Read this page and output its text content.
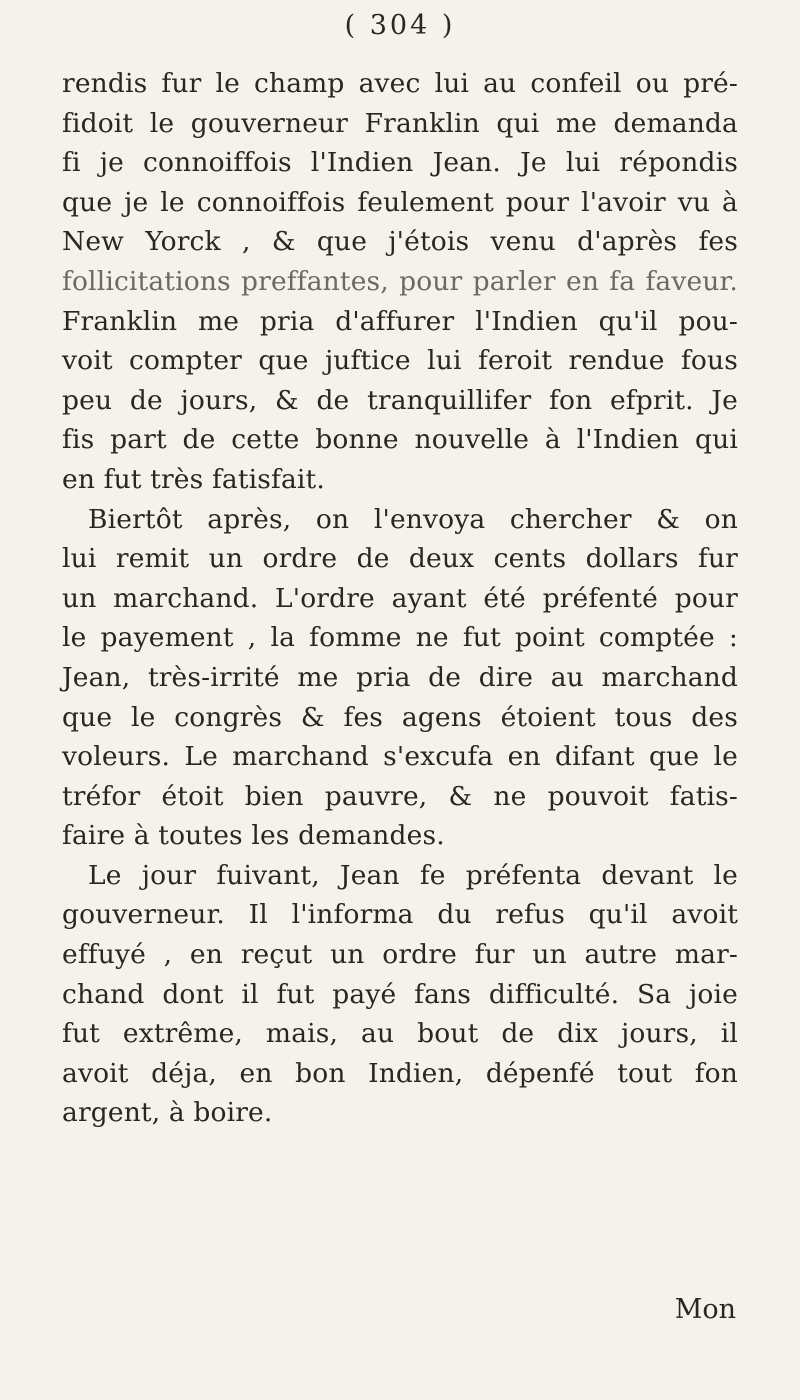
( 304 )
rendis fur le champ avec lui au confeil ou pré-
fidoit le gouverneur Franklin qui me demanda
fi je connoiffois l'Indien Jean. Je lui répondis
que je le connoiffois feulement pour l'avoir vu à
New Yorck , & que j'étois venu d'après fes
follicitations preffantes, pour parler en fa faveur.
Franklin me pria d'affurer l'Indien qu'il pou-
voit compter que juftice lui feroit rendue fous
peu de jours, & de tranquillifer fon efprit. Je
fis part de cette bonne nouvelle à l'Indien qui
en fut très fatisfait.
Biertôt après, on l'envoya chercher & on
lui remit un ordre de deux cents dollars fur
un marchand. L'ordre ayant été préfenté pour
le payement , la fomme ne fut point comptée :
Jean, très-irrité me pria de dire au marchand
que le congrès & fes agens étoient tous des
voleurs. Le marchand s'excufa en difant que le
tréfor étoit bien pauvre, & ne pouvoit fatis-
faire à toutes les demandes.
Le jour fuivant, Jean fe préfenta devant le
gouverneur. Il l'informa du refus qu'il avoit
effuyé , en reçut un ordre fur un autre mar-
chand dont il fut payé fans difficulté. Sa joie
fut extrême, mais, au bout de dix jours, il
avoit déja, en bon Indien, dépenfé tout fon
argent, à boire.
Mon
